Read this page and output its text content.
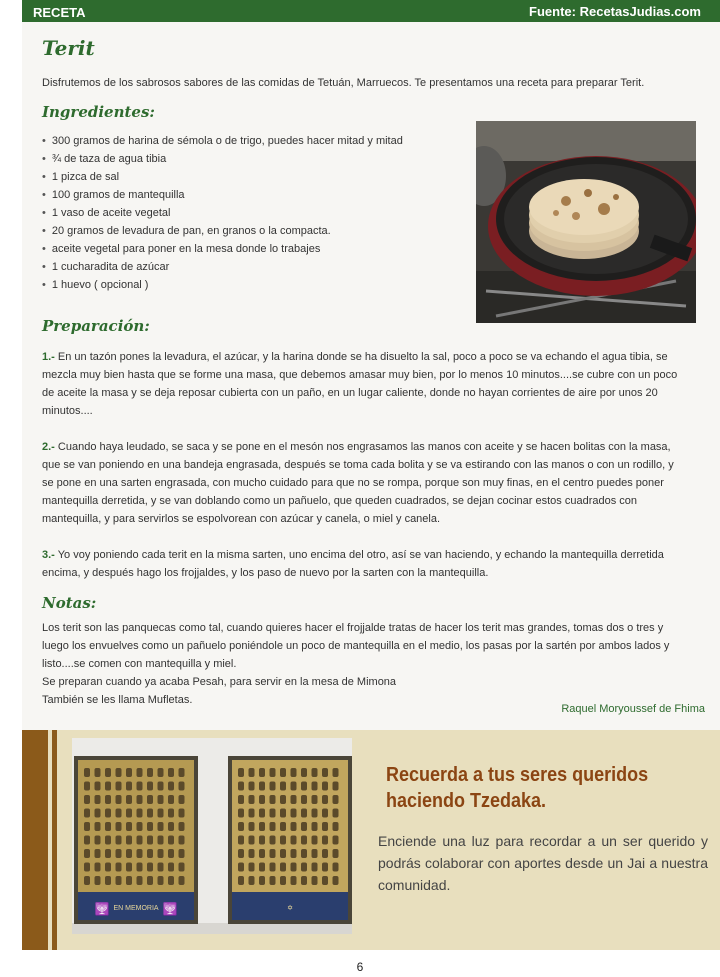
RECETA	Fuente: RecetasJudias.com
Terit
Disfrutemos de los sabrosos sabores de las comidas de Tetuán, Marruecos. Te presentamos una receta para preparar Terit.
Ingredientes:
• 300 gramos de harina de sémola o de trigo, puedes hacer mitad y mitad
• ¾ de taza de agua tibia
• 1 pizca de sal
• 100 gramos de mantequilla
• 1 vaso de aceite vegetal
• 20 gramos de levadura de pan, en granos o la compacta.
• aceite vegetal para poner en la mesa donde lo trabajes
• 1 cucharadita de azúcar
• 1 huevo ( opcional )
Preparación:

1.- En un tazón pones la levadura, el azúcar, y la harina donde se ha disuelto la sal, poco a poco se va echando el agua tibia, se mezcla muy bien hasta que se forme una masa, que debemos amasar muy bien, por lo menos 10 minutos....se cubre con un poco de aceite la masa y se deja reposar cubierta con un paño, en un lugar caliente, donde no hayan corrientes de aire por unos 20 minutos....

2.- Cuando haya leudado, se saca y se pone en el mesón nos engrasamos las manos con aceite y se hacen bolitas con la masa, que se van poniendo en una bandeja engrasada, después se toma cada bolita y se va estirando con las manos o con un rodillo, y se pone en una sarten engrasada, con mucho cuidado para que no se rompa, porque son muy finas, en el centro puedes poner mantequilla derretida, y se van doblando como un pañuelo, que queden cuadrados, se dejan cocinar estos cuadrados con mantequilla, y para servirlos se espolvorean con azúcar y canela, o miel y canela.

3.- Yo voy poniendo cada terit en la misma sarten, uno encima del otro, así se van haciendo, y echando la mantequilla derretida encima, y después hago los frojjaldes, y los paso de nuevo por la sarten con la mantequilla.

Notas:

Los terit son las panquecas como tal, cuando quieres hacer el frojjalde tratas de hacer los terit mas grandes, tomas dos o tres y luego los envuelves como un pañuelo poniéndole un poco de mantequilla en el medio, los pasas por la sartén por ambos lados y listo....se comen con mantequilla y miel.

Se preparan cuando ya acaba Pesah, para servir en la mesa de Mimona

También se les llama Mufletas.

Raquel Moryoussef de Fhima
EN MEMORIA	✡
🕎	🕎
Recuerda a tus seres queridos haciendo Tzedaka.
Enciende una luz para recordar a un ser querido y podrás colaborar con aportes desde un Jai a nuestra comunidad.
6
